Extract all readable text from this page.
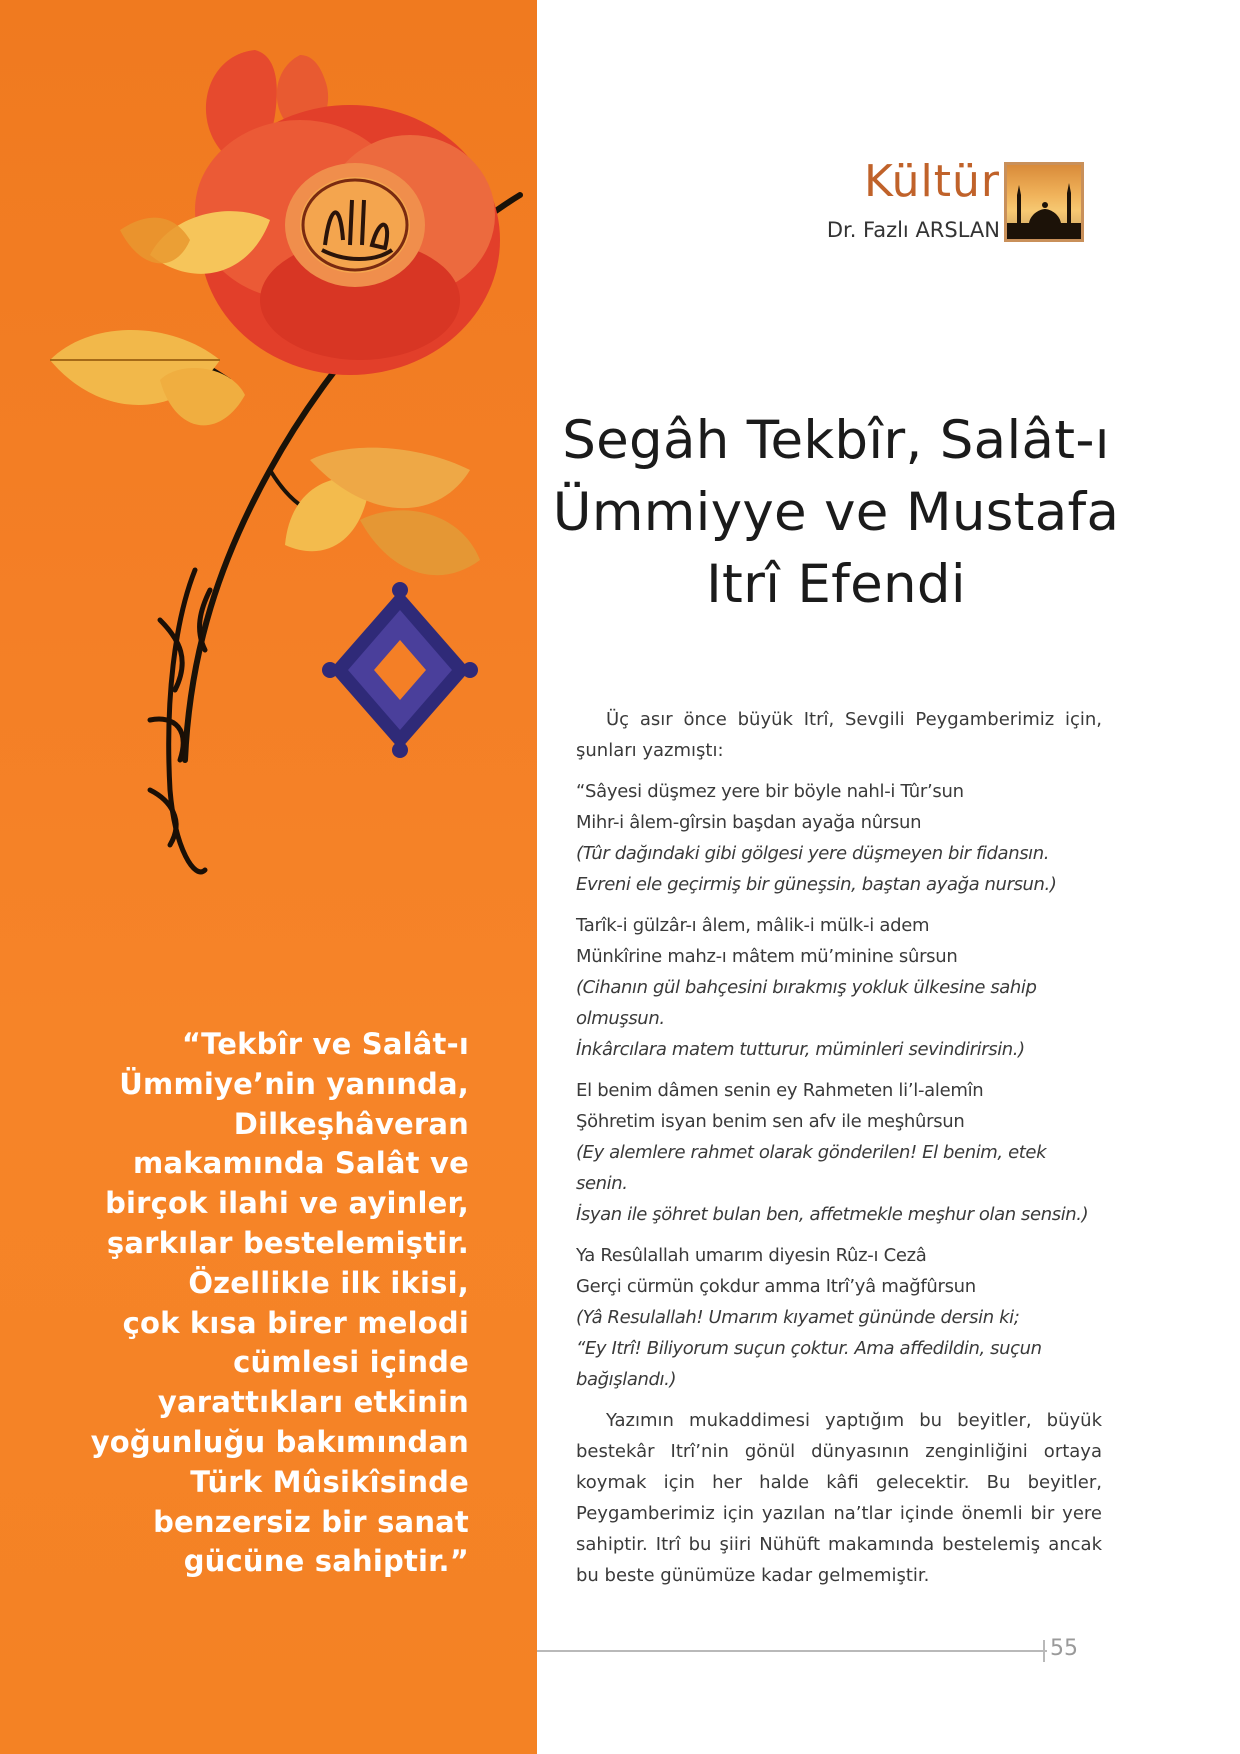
“Tekbîr ve Salât-ı
Ümmiye’nin yanında,
Dilkeşhâveran
makamında Salât ve
birçok ilahi ve ayinler,
şarkılar bestelemiştir.
Özellikle ilk ikisi,
çok kısa birer melodi
cümlesi içinde
yarattıkları etkinin
yoğunluğu bakımından
Türk Mûsikîsinde
benzersiz bir sanat
gücüne sahiptir.”
Kültür
Dr. Fazlı ARSLAN
Segâh Tekbîr, Salât-ı
Ümmiyye ve Mustafa
Itrî Efendi

Üç asır önce büyük Itrî, Sevgili Peygamberimiz için, şunları yazmıştı:

“Sâyesi düşmez yere bir böyle nahl-i Tûr’sun

Mihr-i âlem-gîrsin başdan ayağa nûrsun

(Tûr dağındaki gibi gölgesi yere düşmeyen bir fidansın.

Evreni ele geçirmiş bir güneşsin, baştan ayağa nursun.)

Tarîk-i gülzâr-ı âlem, mâlik-i mülk-i adem

Münkîrine mahz-ı mâtem mü’minine sûrsun

(Cihanın gül bahçesini bırakmış yokluk ülkesine sahip olmuşsun.

İnkârcılara matem tutturur, müminleri sevindirirsin.)

El benim dâmen senin ey Rahmeten li’l-alemîn

Şöhretim isyan benim sen afv ile meşhûrsun

(Ey alemlere rahmet olarak gönderilen! El benim, etek senin.

İsyan ile şöhret bulan ben, affetmekle meşhur olan sensin.)

Ya Resûlallah umarım diyesin Rûz-ı Cezâ

Gerçi cürmün çokdur amma Itrî’yâ mağfûrsun

(Yâ Resulallah! Umarım kıyamet gününde dersin ki;

“Ey Itrî! Biliyorum suçun çoktur. Ama affedildin, suçun bağışlandı.)

Yazımın mukaddimesi yaptığım bu beyitler, büyük bestekâr Itrî’nin gönül dünyasının zenginliğini ortaya koymak için her halde kâfi gelecektir. Bu beyitler, Peygamberimiz için yazılan na’tlar içinde önemli bir yere sahiptir. Itrî bu şiiri Nühüft makamında bestelemiş ancak bu beste günümüze kadar gelmemiştir.

55
